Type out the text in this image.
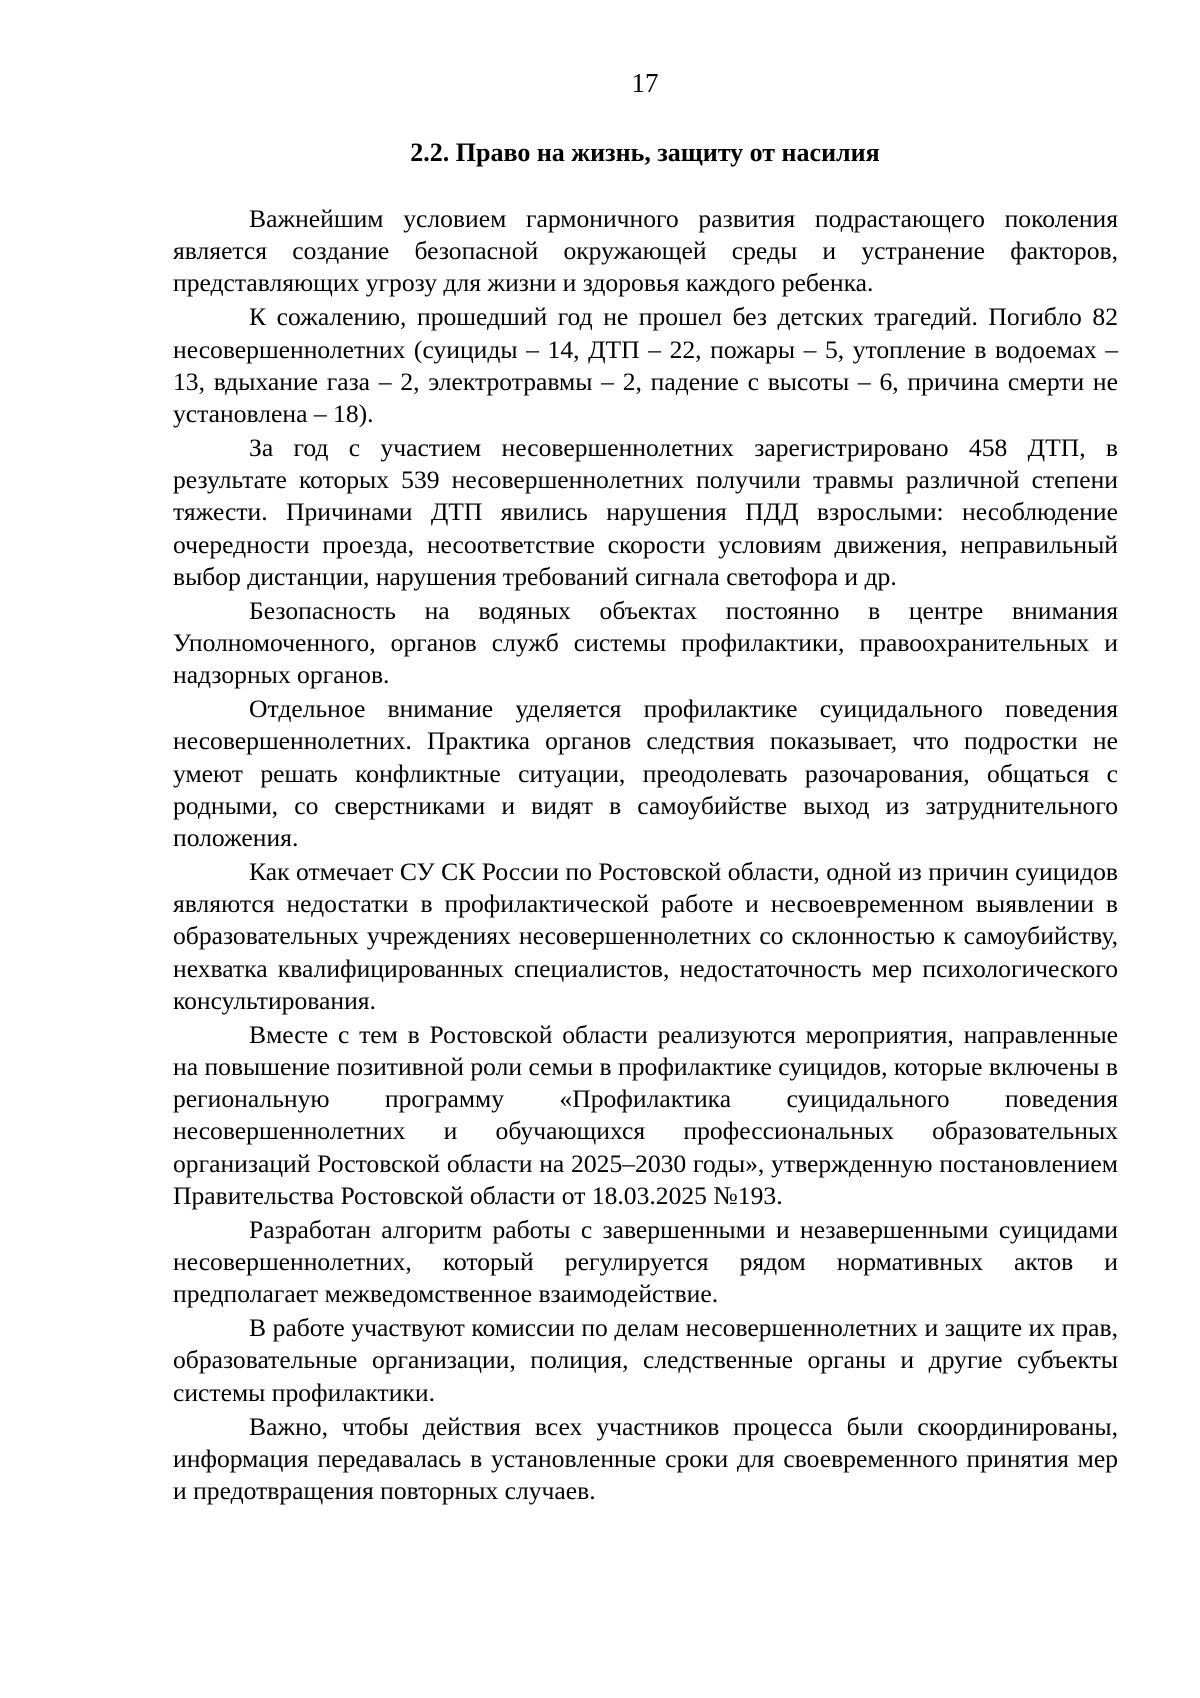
17
2.2. Право на жизнь, защиту от насилия

Важнейшим условием гармоничного развития подрастающего поколения является создание безопасной окружающей среды и устранение факторов, представляющих угрозу для жизни и здоровья каждого ребенка.

К сожалению, прошедший год не прошел без детских трагедий. Погибло 82 несовершеннолетних (суициды – 14, ДТП – 22, пожары – 5, утопление в водоемах – 13, вдыхание газа – 2, электротравмы – 2, падение с высоты – 6, причина смерти не установлена – 18).

За год с участием несовершеннолетних зарегистрировано 458 ДТП, в результате которых 539 несовершеннолетних получили травмы различной степени тяжести. Причинами ДТП явились нарушения ПДД взрослыми: несоблюдение очередности проезда, несоответствие скорости условиям движения, неправильный выбор дистанции, нарушения требований сигнала светофора и др.

Безопасность на водяных объектах постоянно в центре внимания Уполномоченного, органов служб системы профилактики, правоохранительных и надзорных органов.

Отдельное внимание уделяется профилактике суицидального поведения несовершеннолетних. Практика органов следствия показывает, что подростки не умеют решать конфликтные ситуации, преодолевать разочарования, общаться с родными, со сверстниками и видят в самоубийстве выход из затруднительного положения.

Как отмечает СУ СК России по Ростовской области, одной из причин суицидов являются недостатки в профилактической работе и несвоевременном выявлении в образовательных учреждениях несовершеннолетних со склонностью к самоубийству, нехватка квалифицированных специалистов, недостаточность мер психологического консультирования.

Вместе с тем в Ростовской области реализуются мероприятия, направленные на повышение позитивной роли семьи в профилактике суицидов, которые включены в региональную программу «Профилактика суицидального поведения несовершеннолетних и обучающихся профессиональных образовательных организаций Ростовской области на 2025–2030 годы», утвержденную постановлением Правительства Ростовской области от 18.03.2025 №193.

Разработан алгоритм работы с завершенными и незавершенными суицидами несовершеннолетних, который регулируется рядом нормативных актов и предполагает межведомственное взаимодействие.

В работе участвуют комиссии по делам несовершеннолетних и защите их прав, образовательные организации, полиция, следственные органы и другие субъекты системы профилактики.

Важно, чтобы действия всех участников процесса были скоординированы, информация передавалась в установленные сроки для своевременного принятия мер и предотвращения повторных случаев.
